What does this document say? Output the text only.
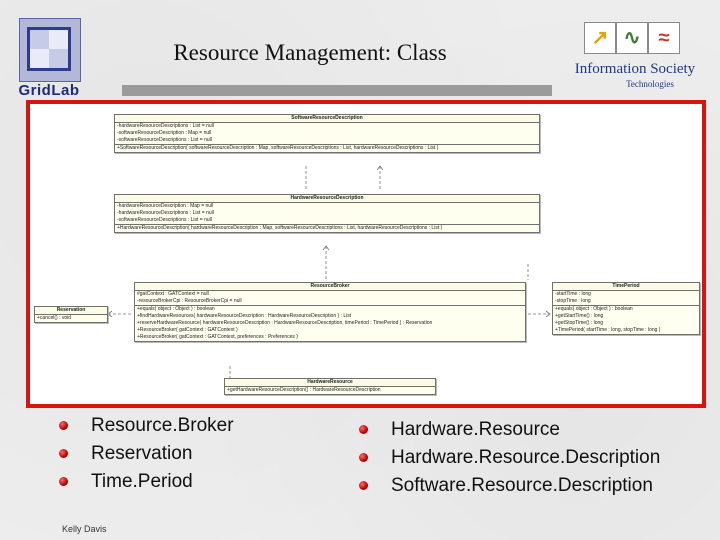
GridLab
Resource Management: Class
↗ ∿ ≈
Information Society
Technologies
SoftwareResourceDescription
-hardwareResourceDescriptions : List = null
-softwareResourceDescription : Map = null
-softwareResourceDescriptions : List = null
+SoftwareResourceDescription( softwareResourceDescription : Map, softwareResourceDescriptions : List, hardwareResourceDescriptions : List )
HardwareResourceDescription
-hardwareResourceDescription : Map = null
-hardwareResourceDescriptions : List = null
-softwareResourceDescriptions : List = null
+HardwareResourceDescription( hardwareResourceDescription : Map, softwareResourceDescriptions : List, hardwareResourceDescriptions : List )
ResourceBroker
#gatContext : GATContext = null
-resourceBrokerCpi : ResourceBrokerCpi = null
+equals( object : Object ) : boolean
+findHardwareResources( hardwareResourceDescription : HardwareResourceDescription ) : List
+reserveHardwareResource( hardwareResourceDescription : HardwareResourceDescription, timePeriod : TimePeriod ) : Reservation
+ResourceBroker( gatContext : GATContext )
+ResourceBroker( gatContext : GATContext, preferences : Preferences )
Reservation
+cancel() : void
TimePeriod
-startTime : long
-stopTime : long
+equals( object : Object ) : boolean
+getStartTime() : long
+getStopTime() : long
+TimePeriod( startTime : long, stopTime : long )
HardwareResource
+getHardwareResourceDescription() : HardwareResourceDescription
Resource.Broker
Reservation
Time.Period
Hardware.Resource
Hardware.Resource.Description
Software.Resource.Description
Kelly Davis
